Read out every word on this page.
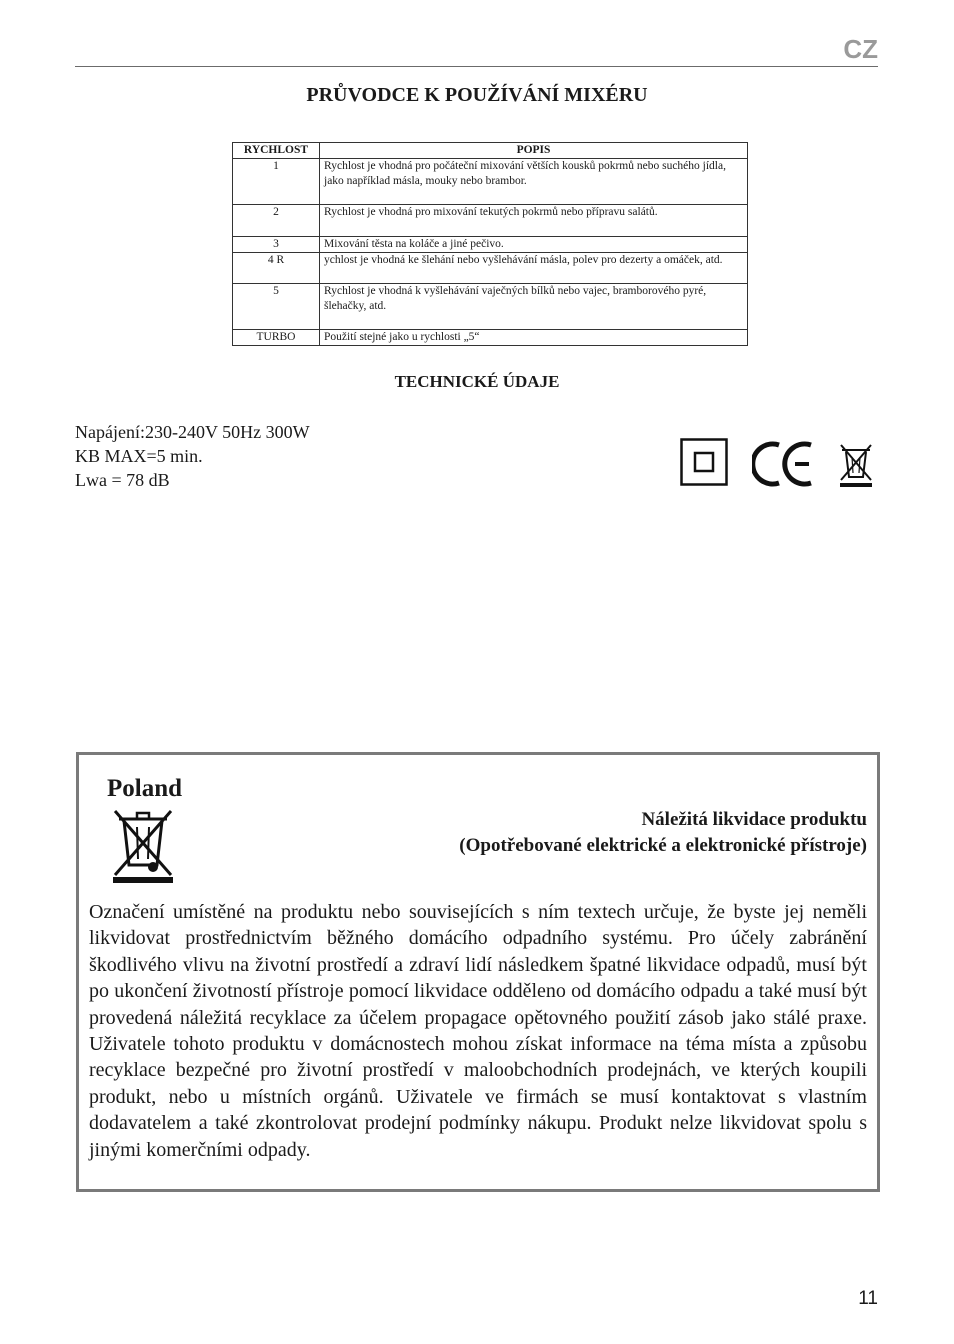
CZ
PRŮVODCE K POUŽÍVÁNÍ MIXÉRU
RYCHLOST	POPIS
1	Rychlost je vhodná pro počáteční mixování větších kousků pokrmů nebo suchého jídla, jako například másla, mouky nebo brambor.
2	Rychlost je vhodná pro mixování tekutých pokrmů nebo přípravu salátů.
3	Mixování těsta na koláče a jiné pečivo.
4 R	ychlost je vhodná ke šlehání nebo vyšlehávání másla, polev pro dezerty a omáček, atd.
5	Rychlost je vhodná k vyšlehávání vaječných bílků nebo vajec, bramborového pyré, šlehačky, atd.
TURBO	Použití stejné jako u rychlosti „5“
TECHNICKÉ ÚDAJE
Napájení:230-240V 50Hz 300W
KB MAX=5 min.
Lwa = 78 dB
Poland
Náležitá likvidace produktu
(Opotřebované elektrické a elektronické přístroje)
Označení umístěné na produktu nebo souvisejících s ním textech určuje, že byste jej neměli likvidovat prostřednictvím běžného domácího odpadního systému. Pro účely zabránění škodlivého vlivu na životní prostředí a zdraví lidí následkem špatné likvidace odpadů, musí být po ukončení životností přístroje pomocí likvidace odděleno od domácího odpadu a také musí být provedená náležitá recyklace za účelem propagace opětovného použití zásob jako stálé praxe. Uživatele tohoto produktu v domácnostech mohou získat informace na téma místa a způsobu recyklace bezpečné pro životní prostředí v maloobchodních prodejnách, ve kterých koupili produkt, nebo u místních orgánů. Uživatele ve firmách se musí kontaktovat s vlastním dodavatelem a také zkontrolovat prodejní podmínky nákupu. Produkt nelze likvidovat spolu s jinými komerčními odpady.
11
